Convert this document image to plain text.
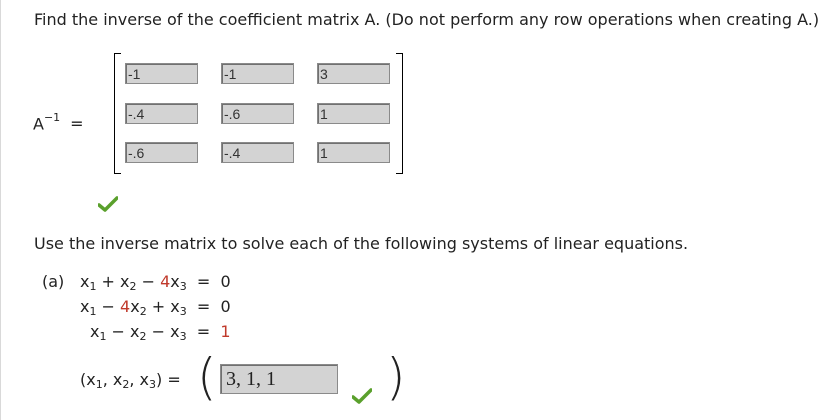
Find the inverse of the coefficient matrix A. (Do not perform any row operations when creating A.)
$A^{-1}$ =
-1	-1	3
-.4	-.6	1
-.6	-.4	1
Use the inverse matrix to solve each of the following systems of linear equations.
(a) $x_1 + x_2 - 4x_3 = 0$
$x_1 - 4x_2 + x_3 = 0$
$x_1 - x_2 - x_3 = 1$
($x_1$, $x_2$, $x_3$) = ( 3, 1, 1	)
